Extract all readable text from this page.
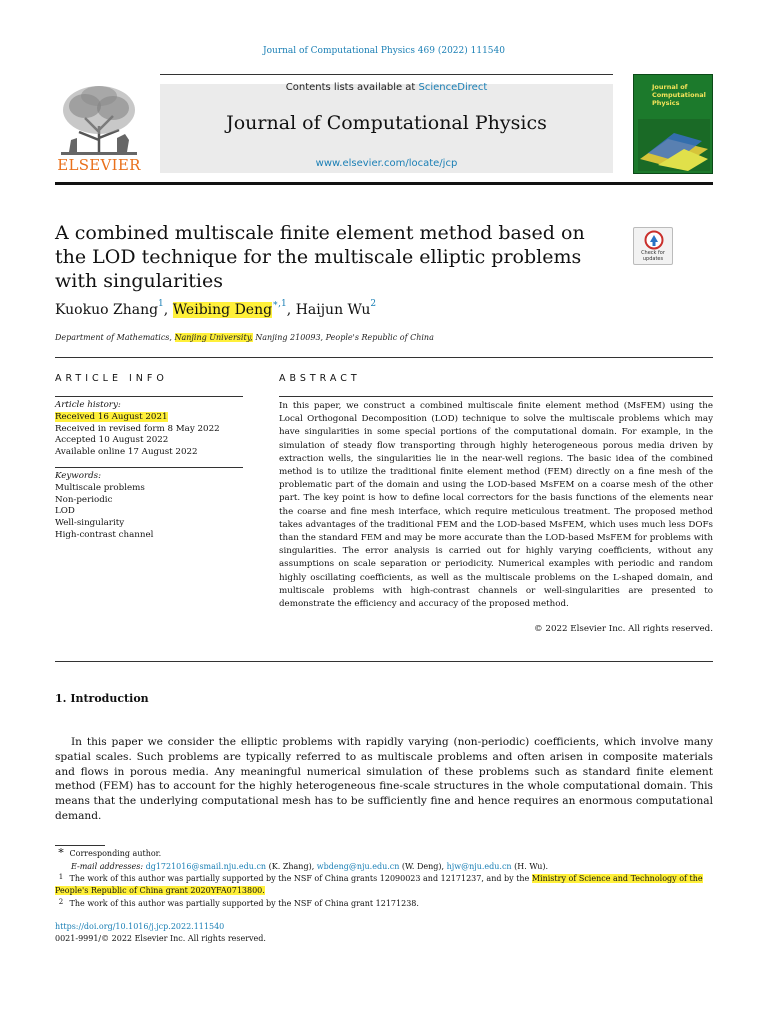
Journal of Computational Physics 469 (2022) 111540
Contents lists available at ScienceDirect
Journal of Computational Physics
www.elsevier.com/locate/jcp
ELSEVIER
Journal of Computational Physics
A combined multiscale finite element method based on the LOD technique for the multiscale elliptic problems with singularities
Check for updates
Kuokuo Zhang$^1$, Weibing Deng$^{∗,1}$, Haijun Wu$^2$
Department of Mathematics, Nanjing University, Nanjing 210093, People's Republic of China
ARTICLE INFO
Article history:
Received 16 August 2021
Received in revised form 8 May 2022
Accepted 10 August 2022
Available online 17 August 2022
Keywords:
Multiscale problems
Non-periodic
LOD
Well-singularity
High-contrast channel
ABSTRACT
In this paper, we construct a combined multiscale finite element method (MsFEM) using the Local Orthogonal Decomposition (LOD) technique to solve the multiscale problems which may have singularities in some special portions of the computational domain. For example, in the simulation of steady flow transporting through highly heterogeneous porous media driven by extraction wells, the singularities lie in the near-well regions. The basic idea of the combined method is to utilize the traditional finite element method (FEM) directly on a fine mesh of the problematic part of the domain and using the LOD-based MsFEM on a coarse mesh of the other part. The key point is how to define local correctors for the basis functions of the elements near the coarse and fine mesh interface, which require meticulous treatment. The proposed method takes advantages of the traditional FEM and the LOD-based MsFEM, which uses much less DOFs than the standard FEM and may be more accurate than the LOD-based MsFEM for problems with singularities. The error analysis is carried out for highly varying coefficients, without any assumptions on scale separation or periodicity. Numerical examples with periodic and random highly oscillating coefficients, as well as the multiscale problems on the L-shaped domain, and multiscale problems with high-contrast channels or well-singularities are presented to demonstrate the efficiency and accuracy of the proposed method.
© 2022 Elsevier Inc. All rights reserved.
1. Introduction
In this paper we consider the elliptic problems with rapidly varying (non-periodic) coefficients, which involve many spatial scales. Such problems are typically referred to as multiscale problems and often arisen in composite materials and flows in porous media. Any meaningful numerical simulation of these problems such as standard finite element method (FEM) has to account for the highly heterogeneous fine-scale structures in the whole computational domain. This means that the underlying computational mesh has to be sufficiently fine and hence requires an enormous computational demand.
∗ Corresponding author.
E-mail addresses: dg1721016@smail.nju.edu.cn (K. Zhang), wbdeng@nju.edu.cn (W. Deng), hjw@nju.edu.cn (H. Wu).
1 The work of this author was partially supported by the NSF of China grants 12090023 and 12171237, and by the Ministry of Science and Technology of the People's Republic of China grant 2020YFA0713800.
2 The work of this author was partially supported by the NSF of China grant 12171238.
https://doi.org/10.1016/j.jcp.2022.111540
0021-9991/© 2022 Elsevier Inc. All rights reserved.
